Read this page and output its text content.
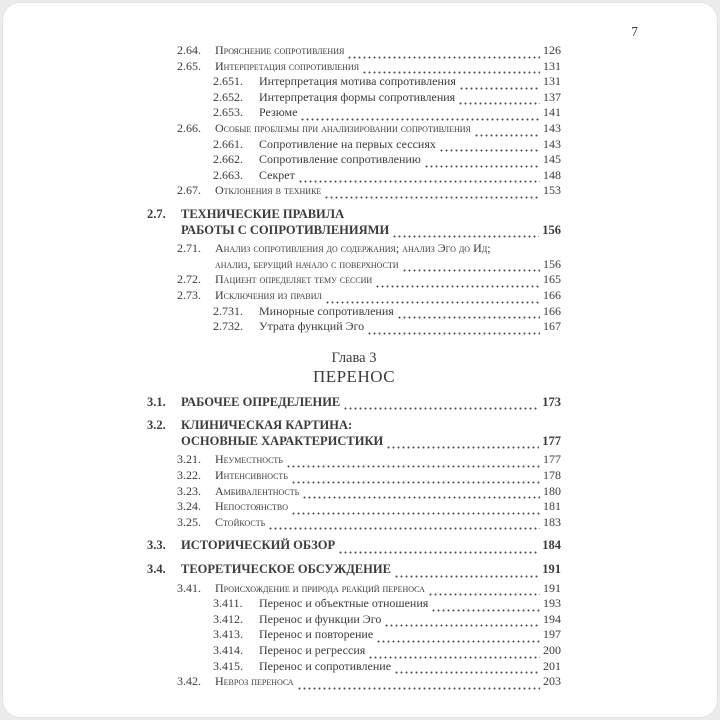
7
2.64.	Прояснение сопротивления	126
2.65.	Интерпретация сопротивления	131
2.651.	Интерпретация мотива сопротивления	131
2.652.	Интерпретация формы сопротивления	137
2.653.	Резюме	141
2.66.	Особые проблемы при анализировании сопротивления	143
2.661.	Сопротивление на первых сессиях	143
2.662.	Сопротивление сопротивлению	145
2.663.	Секрет	148
2.67.	Отклонения в технике	153
2.7.	ТЕХНИЧЕСКИЕ ПРАВИЛА
РАБОТЫ С СОПРОТИВЛЕНИЯМИ	156
2.71.	Анализ сопротивления до содержания; анализ Эго до Ид;
анализ, берущий начало с поверхности	156
2.72.	Пациент определяет тему сессии	165
2.73.	Исключения из правил	166
2.731.	Минорные сопротивления	166
2.732.	Утрата функций Эго	167
Глава 3
ПЕРЕНОС
3.1.	РАБОЧЕЕ ОПРЕДЕЛЕНИЕ	173
3.2.	КЛИНИЧЕСКАЯ КАРТИНА:
ОСНОВНЫЕ ХАРАКТЕРИСТИКИ	177
3.21.	Неуместность	177
3.22.	Интенсивность	178
3.23.	Амбивалентность	180
3.24.	Непостоянство	181
3.25.	Стойкость	183
3.3.	ИСТОРИЧЕСКИЙ ОБЗОР	184
3.4.	ТЕОРЕТИЧЕСКОЕ ОБСУЖДЕНИЕ	191
3.41.	Происхождение и природа реакций переноса	191
3.411.	Перенос и объектные отношения	193
3.412.	Перенос и функции Эго	194
3.413.	Перенос и повторение	197
3.414.	Перенос и регрессия	200
3.415.	Перенос и сопротивление	201
3.42.	Невроз переноса	203
